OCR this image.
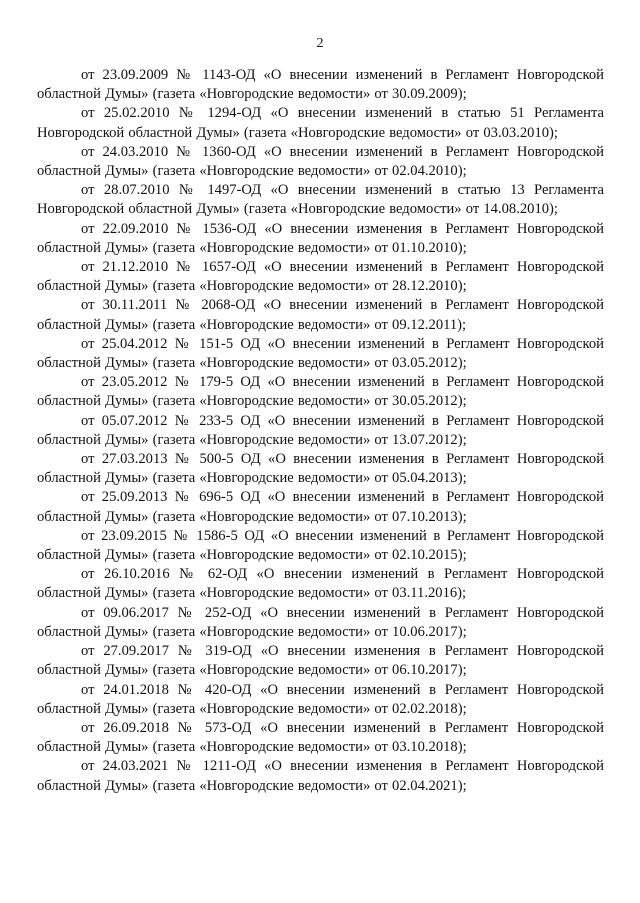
2

от 23.09.2009 № 1143-ОД «О внесении изменений в Регламент Новгородской областной Думы» (газета «Новгородские ведомости» от 30.09.2009);

от 25.02.2010 № 1294-ОД «О внесении изменений в статью 51 Регламента Новгородской областной Думы» (газета «Новгородские ведомости» от 03.03.2010);

от 24.03.2010 № 1360-ОД «О внесении изменений в Регламент Новгородской областной Думы» (газета «Новгородские ведомости» от 02.04.2010);

от 28.07.2010 № 1497-ОД «О внесении изменений в статью 13 Регламента Новгородской областной Думы» (газета «Новгородские ведомости» от 14.08.2010);

от 22.09.2010 № 1536-ОД «О внесении изменения в Регламент Новгородской областной Думы» (газета «Новгородские ведомости» от 01.10.2010);

от 21.12.2010 № 1657-ОД «О внесении изменений в Регламент Новгородской областной Думы» (газета «Новгородские ведомости» от 28.12.2010);

от 30.11.2011 № 2068-ОД «О внесении изменений в Регламент Новгородской областной Думы» (газета «Новгородские ведомости» от 09.12.2011);

от 25.04.2012 № 151-5 ОД «О внесении изменений в Регламент Новгородской областной Думы» (газета «Новгородские ведомости» от 03.05.2012);

от 23.05.2012 № 179-5 ОД «О внесении изменений в Регламент Новгородской областной Думы» (газета «Новгородские ведомости» от 30.05.2012);

от 05.07.2012 № 233-5 ОД «О внесении изменений в Регламент Новгородской областной Думы» (газета «Новгородские ведомости» от 13.07.2012);

от 27.03.2013 № 500-5 ОД «О внесении изменения в Регламент Новгородской областной Думы» (газета «Новгородские ведомости» от 05.04.2013);

от 25.09.2013 № 696-5 ОД «О внесении изменений в Регламент Новгородской областной Думы» (газета «Новгородские ведомости» от 07.10.2013);

от 23.09.2015 № 1586-5 ОД «О внесении изменений в Регламент Новгородской областной Думы» (газета «Новгородские ведомости» от 02.10.2015);

от 26.10.2016 № 62-ОД «О внесении изменений в Регламент Новгородской областной Думы» (газета «Новгородские ведомости» от 03.11.2016);

от 09.06.2017 № 252-ОД «О внесении изменений в Регламент Новгородской областной Думы» (газета «Новгородские ведомости» от 10.06.2017);

от 27.09.2017 № 319-ОД «О внесении изменения в Регламент Новгородской областной Думы» (газета «Новгородские ведомости» от 06.10.2017);

от 24.01.2018 № 420-ОД «О внесении изменений в Регламент Новгородской областной Думы» (газета «Новгородские ведомости» от 02.02.2018);

от 26.09.2018 № 573-ОД «О внесении изменений в Регламент Новгородской областной Думы» (газета «Новгородские ведомости» от 03.10.2018);

от 24.03.2021 № 1211-ОД «О внесении изменения в Регламент Новгородской областной Думы» (газета «Новгородские ведомости» от 02.04.2021);
